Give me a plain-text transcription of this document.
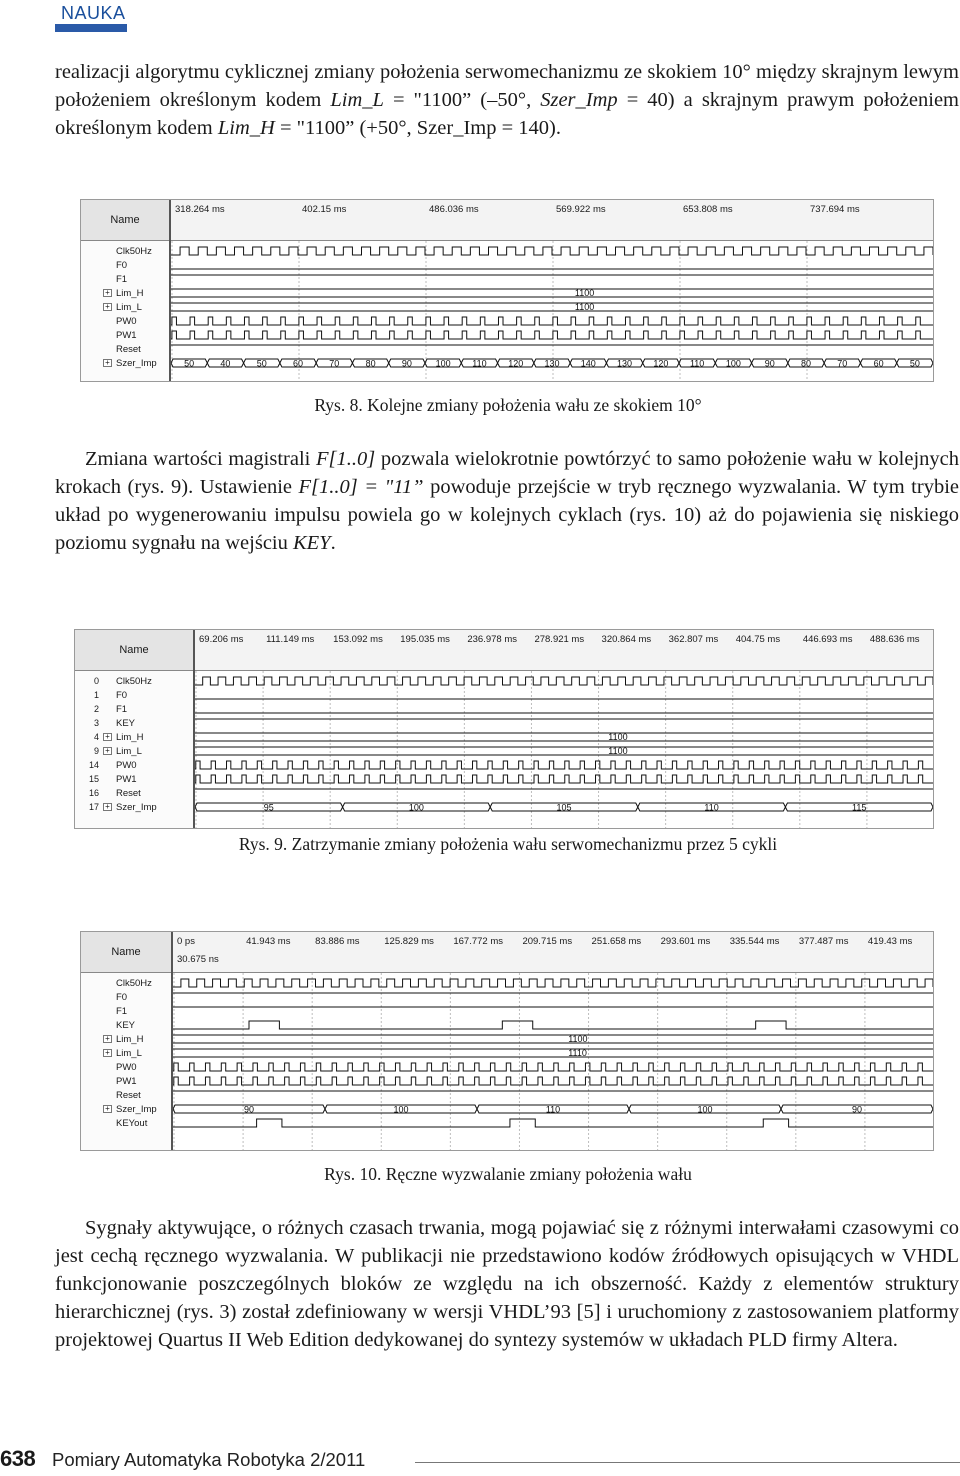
NAUKA

realizacji algorytmu cyklicznej zmiany położenia serwomechanizmu ze skokiem 10° między skrajnym lewym położeniem określonym kodem Lim_L = "1100” (–50°, Szer_Imp = 40) a skrajnym prawym położeniem określonym kodem Lim_H = "1100” (+50°, Szer_Imp = 140).

Name
Clk50Hz
F0
F1
+ Lim_H
+ Lim_L
PW0
PW1
Reset
+ Szer_Imp
318.264 ms	402.15 ms	486.036 ms	569.922 ms	653.808 ms	737.694 ms
1100
1100
50	40	50	60	70	80	90	100 110 120 130 140 130 120 110 100	90	80	70	60	50
Rys. 8. Kolejne zmiany położenia wału ze skokiem 10°

Zmiana wartości magistrali F[1..0] pozwala wielokrotnie powtórzyć to samo położenie wału w kolejnych krokach (rys. 9). Ustawienie F[1..0] = "11” powoduje przejście w tryb ręcznego wyzwalania. W tym trybie układ po wygenerowaniu impulsu powiela go w kolejnych cyklach (rys. 10) aż do pojawienia się niskiego poziomu sygnału na wejściu KEY.

Name
0 Clk50Hz
1 F0
2 F1
3 KEY
4 + Lim_H
9 + Lim_L
14 PW0
15 PW1
16 Reset
17 + Szer_Imp
69.206 ms 111.149 ms 153.092 ms 195.035 ms 236.978 ms 278.921 ms 320.864 ms 362.807 ms 404.75 ms 446.693 ms 488.636 ms
1100
1100
95	100	105	110	115
Rys. 9. Zatrzymanie zmiany położenia wału serwomechanizmu przez 5 cykli
Name
Clk50Hz
F0
F1
KEY
+ Lim_H
+ Lim_L
PW0
PW1
Reset
+ Szer_Imp
KEYout
0 ps	41.943 ms	83.886 ms	125.829 ms 167.772 ms 209.715 ms 251.658 ms 293.601 ms 335.544 ms 377.487 ms 419.43 ms
30.675 ns
1100
1110
90	100	110	100	90
Rys. 10. Ręczne wyzwalanie zmiany położenia wału

Sygnały aktywujące, o różnych czasach trwania, mogą pojawiać się z różnymi interwałami czasowymi co jest cechą ręcznego wyzwalania. W publikacji nie przedstawiono kodów źródłowych opisujących w VHDL funkcjonowanie poszczególnych bloków ze względu na ich obszerność. Każdy z elementów struktury hierarchicznej (rys. 3) został zdefiniowany w wersji VHDL’93 [5] i uruchomiony z zastosowaniem platformy projektowej Quartus II Web Edition dedykowanej do syntezy systemów w układach PLD firmy Altera.

638 Pomiary Automatyka Robotyka 2/2011
